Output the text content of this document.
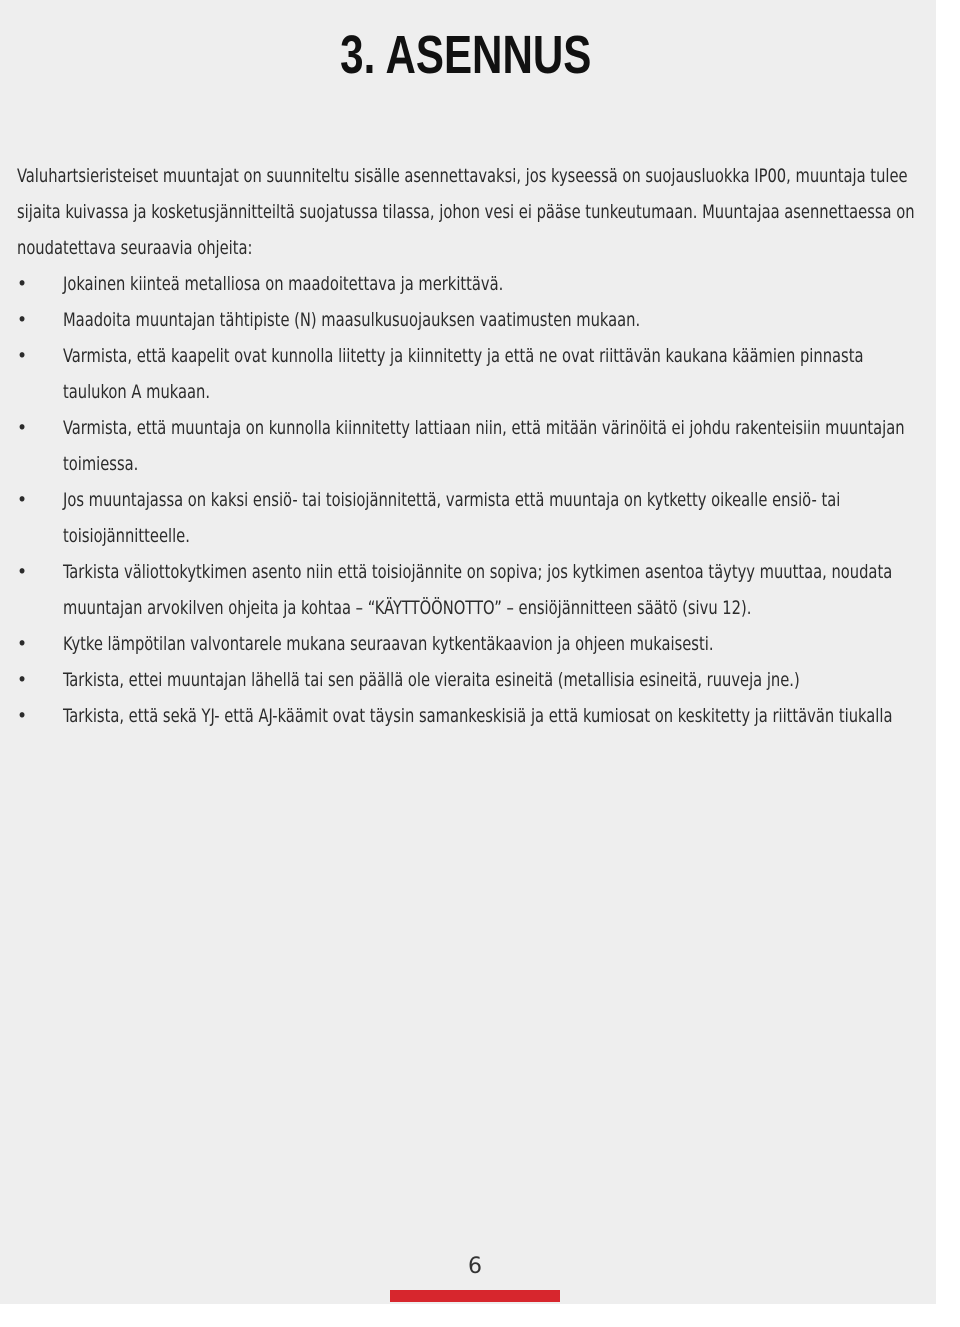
3. ASENNUS

Valuhartsieristeiset muuntajat on suunniteltu sisälle asennettavaksi, jos kyseessä on suojausluokka IP00, muuntaja tulee sijaita kuivassa ja kosketusjännitteiltä suojatussa tilassa, johon vesi ei pääse tunkeutumaan. Muuntajaa asennettaessa on noudatettava seuraavia ohjeita:

• Jokainen kiinteä metalliosa on maadoitettava ja merkittävä.
• Maadoita muuntajan tähtipiste (N) maasulkusuojauksen vaatimusten mukaan.
• Varmista, että kaapelit ovat kunnolla liitetty ja kiinnitetty ja että ne ovat riittävän kaukana käämien pinnasta taulukon A mukaan.
• Varmista, että muuntaja on kunnolla kiinnitetty lattiaan niin, että mitään värinöitä ei johdu rakenteisiin muuntajan toimiessa.
• Jos muuntajassa on kaksi ensiö- tai toisiojännitettä, varmista että muuntaja on kytketty oikealle ensiö- tai toisiojännitteelle.
• Tarkista väliottokytkimen asento niin että toisiojännite on sopiva; jos kytkimen asentoa täytyy muuttaa, noudata muuntajan arvokilven ohjeita ja kohtaa – “KÄYTTÖÖNOTTO” – ensiöjännitteen säätö (sivu 12).
• Kytke lämpötilan valvontarele mukana seuraavan kytkentäkaavion ja ohjeen mukaisesti.
• Tarkista, ettei muuntajan lähellä tai sen päällä ole vieraita esineitä (metallisia esineitä, ruuveja jne.)
• Tarkista, että sekä YJ- että AJ-käämit ovat täysin samankeskisiä ja että kumiosat on keskitetty ja riittävän tiukalla
6
